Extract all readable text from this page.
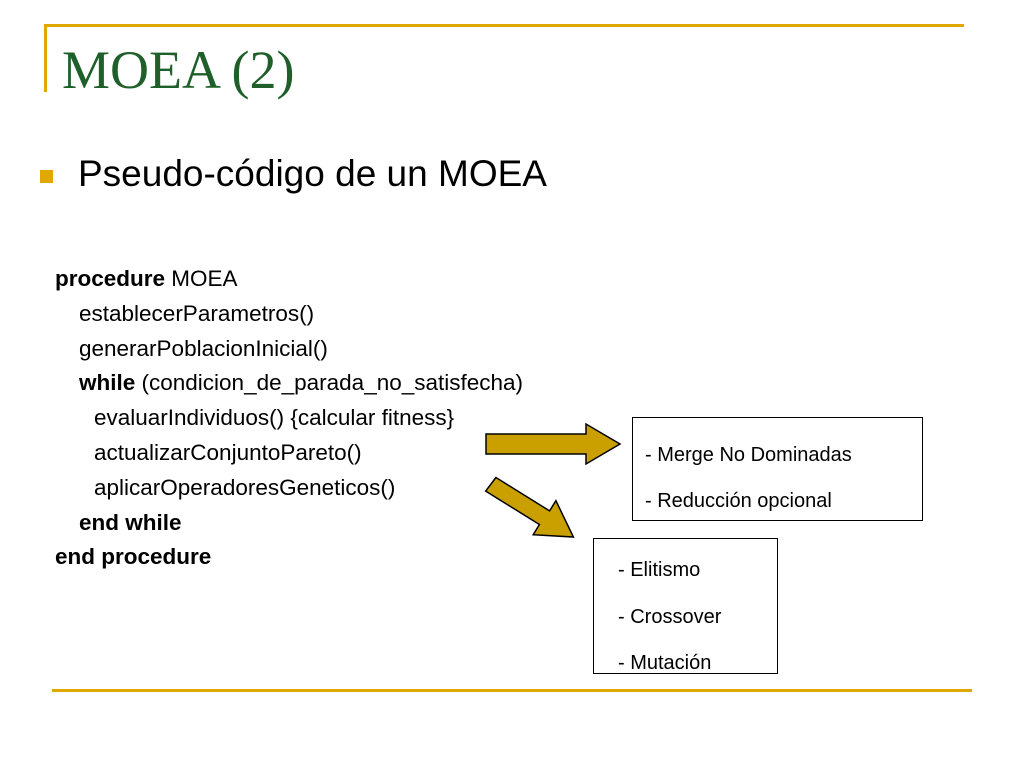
MOEA (2)
Pseudo-código de un MOEA
procedure MOEA
establecerParametros()
generarPoblacionInicial()
while (condicion_de_parada_no_satisfecha)
evaluarIndividuos() {calcular fitness}
actualizarConjuntoPareto()
aplicarOperadoresGeneticos()
end while
end procedure
- Merge No Dominadas
- Reducción opcional
- Elitismo
- Crossover
- Mutación
